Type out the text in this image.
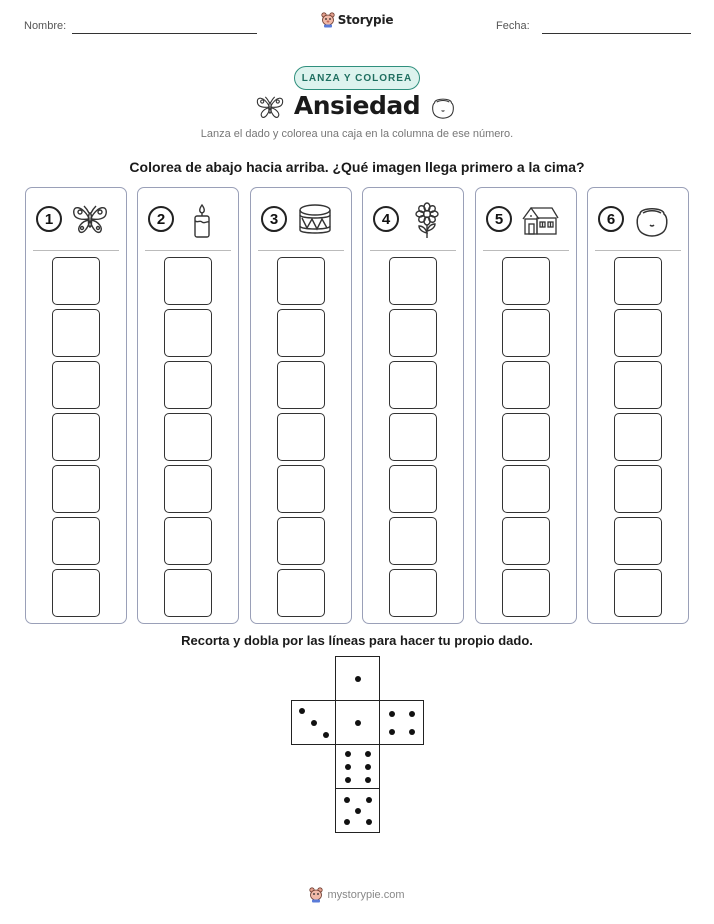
Nombre:	Storypie	Fecha:
LANZA Y COLOREA
Ansiedad
Lanza el dado y colorea una caja en la columna de ese número.
Colorea de abajo hacia arriba. ¿Qué imagen llega primero a la cima?
1	2	3	4	5	6
Recorta y dobla por las líneas para hacer tu propio dado.
mystorypie.com
